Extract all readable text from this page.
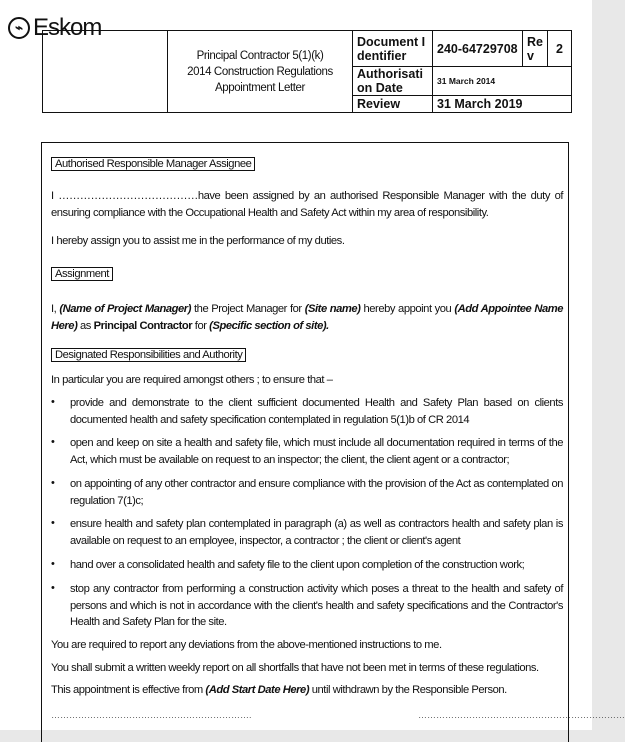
⌁ Eskom

	Principal Contractor 5(1)(k)
2014 Construction Regulations
Appointment Letter	Document Identifier	240-64729708	Rev	2
		Authorisation Date	31 March 2014		
		Review	31 March 2019		
Authorised Responsible Manager Assignee
I …………………………………have been assigned by an authorised Responsible Manager with the duty of ensuring compliance with the Occupational Health and Safety Act within my area of responsibility.
I hereby assign you to assist me in the performance of my duties.
Assignment
I, (Name of Project Manager) the Project Manager for (Site name) hereby appoint you (Add Appointee Name Here) as Principal Contractor for (Specific section of site).
Designated Responsibilities and Authority
In particular you are required amongst others ; to ensure that –
• provide and demonstrate to the client sufficient documented Health and Safety Plan based on clients documented health and safety specification contemplated in regulation 5(1)b of CR 2014
• open and keep on site a health and safety file, which must include all documentation required in terms of the Act, which must be available on request to an inspector; the client, the client agent or a contractor;
• on appointing of any other contractor and ensure compliance with the provision of the Act as contemplated on regulation 7(1)c;
• ensure health and safety plan contemplated in paragraph (a) as well as contractors health and safety plan is available on request to an employee, inspector, a contractor ; the client or client's agent
• hand over a consolidated health and safety file to the client upon completion of the construction work;
• stop any contractor from performing a construction activity which poses a threat to the health and safety of persons and which is not in accordance with the client's health and safety specifications and the Contractor's Health and Safety Plan for the site.
You are required to report any deviations from the above-mentioned instructions to me.
You shall submit a written weekly report on all shortfalls that have not been met in terms of these regulations.
This appointment is effective from (Add Start Date Here) until withdrawn by the Responsible Person.
………………………………………………………….	……………………………………………………………
